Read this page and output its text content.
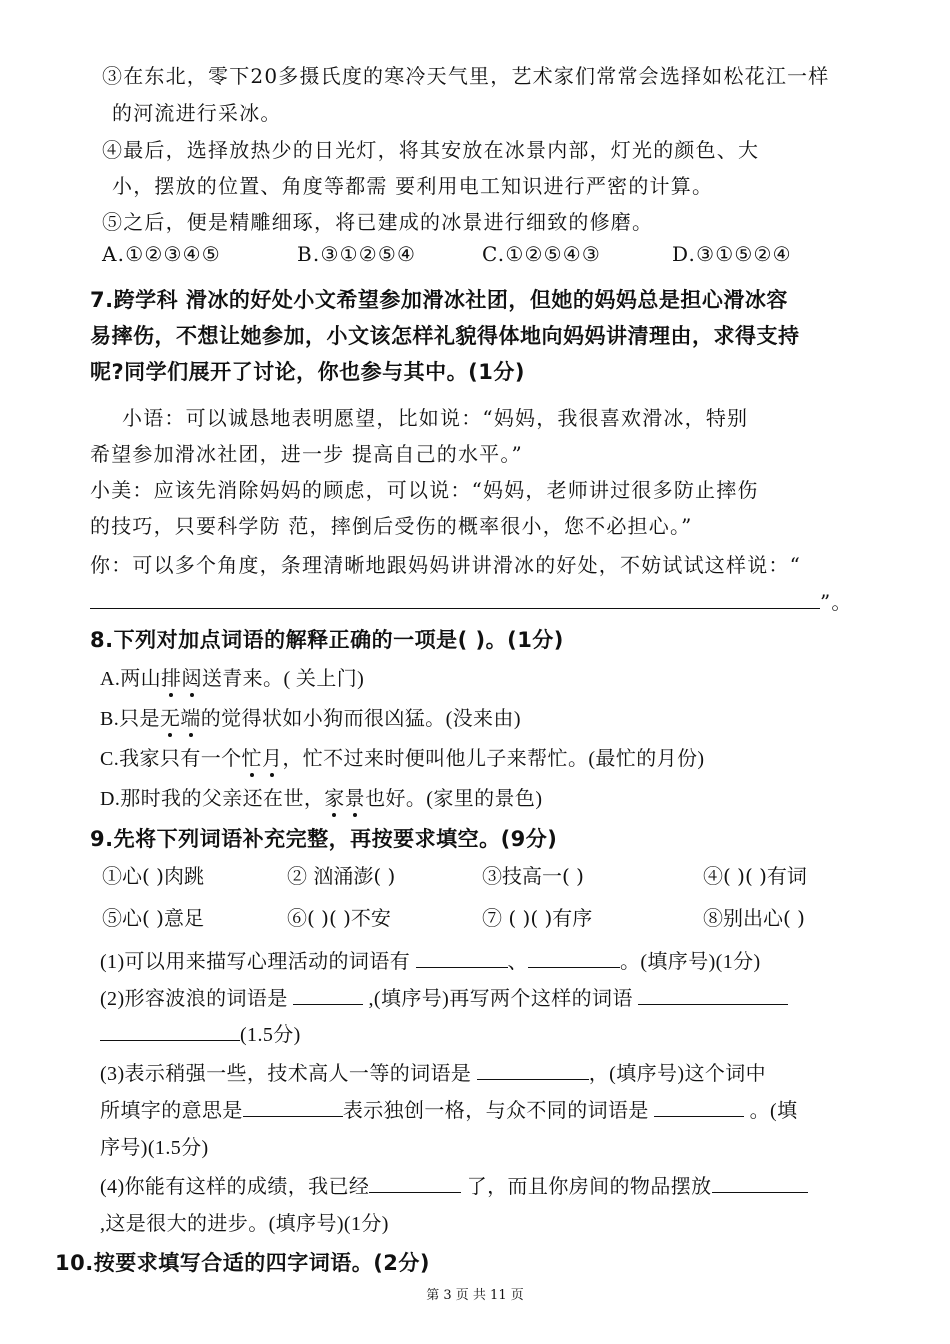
③在东北，零下20多摄氏度的寒冷天气里，艺术家们常常会选择如松花江一样
的河流进行采冰。
④最后，选择放热少的日光灯，将其安放在冰景内部，灯光的颜色、大
小，摆放的位置、角度等都需 要利用电工知识进行严密的计算。
⑤之后，便是精雕细琢，将已建成的冰景进行细致的修磨。
A.①②③④⑤	B.③①②⑤④	C.①②⑤④③	D.③①⑤②④
7.跨学科 滑冰的好处小文希望参加滑冰社团，但她的妈妈总是担心滑冰容
易摔伤，不想让她参加，小文该怎样礼貌得体地向妈妈讲清理由，求得支持
呢?同学们展开了讨论，你也参与其中。(1分)
小语：可以诚恳地表明愿望，比如说：“妈妈，我很喜欢滑冰，特别
希望参加滑冰社团，进一步 提高自己的水平。”
小美：应该先消除妈妈的顾虑，可以说：“妈妈，老师讲过很多防止摔伤
的技巧，只要科学防 范，摔倒后受伤的概率很小，您不必担心。”
你：可以多个角度，条理清晰地跟妈妈讲讲滑冰的好处，不妨试试这样说：“
”。
8.下列对加点词语的解释正确的一项是( )。(1分)
A.两山排闼送青来。( 关上门)
B.只是无端的觉得状如小狗而很凶猛。(没来由)
C.我家只有一个忙月，忙不过来时便叫他儿子来帮忙。(最忙的月份)
D.那时我的父亲还在世，家景也好。(家里的景色)
9.先将下列词语补充完整，再按要求填空。(9分)
①心( )肉跳	② 汹涌澎( )	③技高一( )	④( )( )有词
⑤心( )意足	⑥( )( )不安	⑦ ( )( )有序	⑧别出心( )
(1)可以用来描写心理活动的词语有	、	。(填序号)(1分)
(2)形容波浪的词语是	,(填序号)再写两个这样的词语
(1.5分)
(3)表示稍强一些，技术高人一等的词语是	，(填序号)这个词中
所填字的意思是	表示独创一格，与众不同的词语是	。(填
序号)(1.5分)
(4)你能有这样的成绩，我已经	了，而且你房间的物品摆放
,这是很大的进步。(填序号)(1分)
10.按要求填写合适的四字词语。(2分)
第 3 页 共 11 页
